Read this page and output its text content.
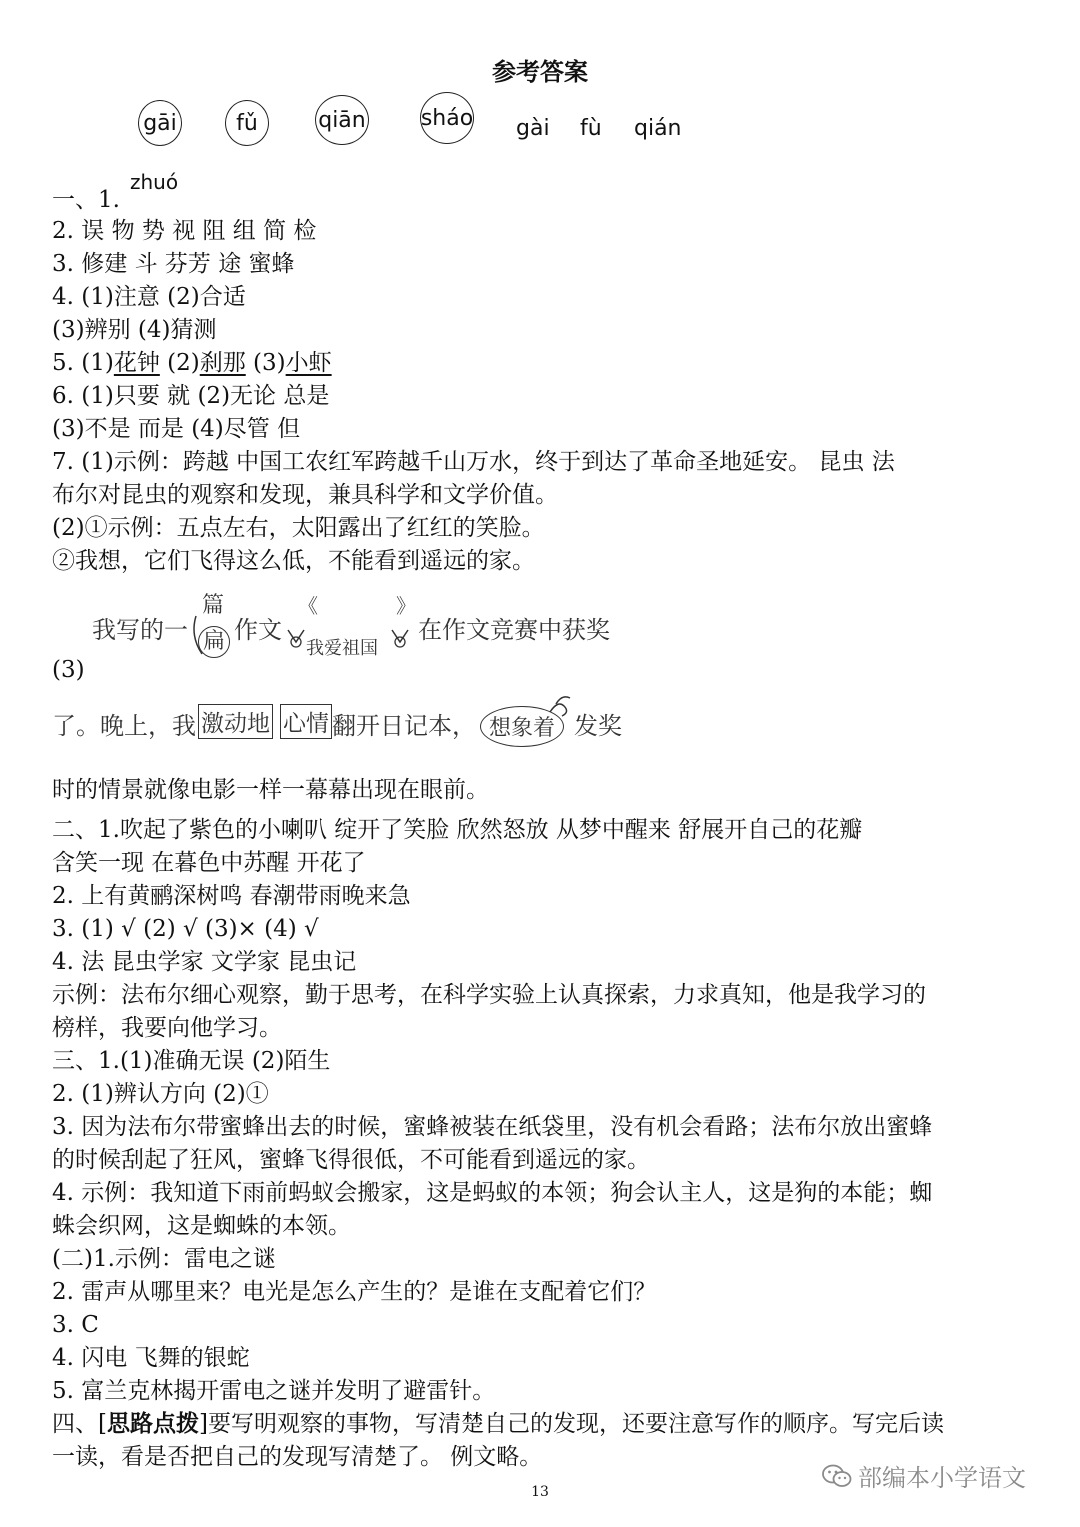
参考答案
gāi	fǔ	qiān	sháo gài fù qián
zhuó
一、1.
2. 误 物 势 视 阻 组 简 检
3. 修建 斗 芬芳 途 蜜蜂
4. (1)注意 (2)合适
(3)辨别 (4)猜测
5. (1)花钟 (2)刹那 (3)小虾
6. (1)只要 就 (2)无论 总是
(3)不是 而是 (4)尽管 但
7. (1)示例：跨越 中国工农红军跨越千山万水，终于到达了革命圣地延安。 昆虫 法
布尔对昆虫的观察和发现，兼具科学和文学价值。
(2)①示例：五点左右，太阳露出了红红的笑脸。
②我想，它们飞得这么低，不能看到遥远的家。
我写的一
篇
扁 作文
《
我爱祖国
》
在作文竞赛中获奖
(3)
了。晚上，我 激动地 心情 翻开日记本， 想象着 发奖
时的情景就像电影一样一幕幕出现在眼前。
二、1.吹起了紫色的小喇叭 绽开了笑脸 欣然怒放 从梦中醒来 舒展开自己的花瓣
含笑一现 在暮色中苏醒 开花了
2. 上有黄鹂深树鸣 春潮带雨晚来急
3. (1) √ (2) √ (3)× (4) √
4. 法 昆虫学家 文学家 昆虫记
示例：法布尔细心观察，勤于思考，在科学实验上认真探索，力求真知，他是我学习的
榜样，我要向他学习。
三、1.(1)准确无误 (2)陌生
2. (1)辨认方向 (2)①
3. 因为法布尔带蜜蜂出去的时候，蜜蜂被装在纸袋里，没有机会看路；法布尔放出蜜蜂
的时候刮起了狂风，蜜蜂飞得很低，不可能看到遥远的家。
4. 示例：我知道下雨前蚂蚁会搬家，这是蚂蚁的本领；狗会认主人，这是狗的本能；蜘
蛛会织网，这是蜘蛛的本领。
(二)1.示例：雷电之谜
2. 雷声从哪里来？电光是怎么产生的？是谁在支配着它们？
3. C
4. 闪电 飞舞的银蛇
5. 富兰克林揭开雷电之谜并发明了避雷针。
四、[思路点拨]要写明观察的事物，写清楚自己的发现，还要注意写作的顺序。写完后读
一读，看是否把自己的发现写清楚了。 例文略。
部编本小学语文
13
